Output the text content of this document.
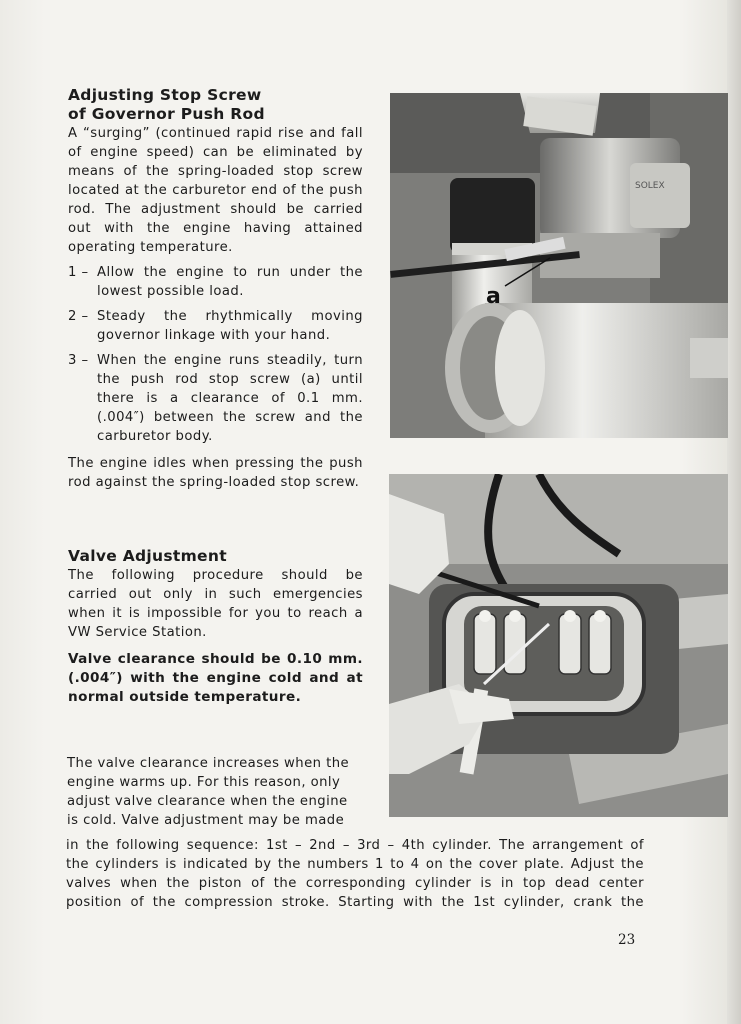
Adjusting Stop Screw
of Governor Push Rod

A “surging” (continued rapid rise and fall of engine speed) can be eliminated by means of the spring-loaded stop screw located at the carburetor end of the push rod. The adjustment should be carried out with the engine having attained operating temperature.

1 – Allow the engine to run under the lowest possible load.
2 – Steady the rhythmically moving governor linkage with your hand.
3 – When the engine runs steadily, turn the push rod stop screw (a) until there is a clearance of 0.1 mm. (.004″) between the screw and the carburetor body.

The engine idles when pressing the push rod against the spring-loaded stop screw.

Valve Adjustment

The following procedure should be carried out only in such emergencies when it is impossible for you to reach a VW Service Station.

Valve clearance should be 0.10 mm. (.004″) with the engine cold and at normal outside temperature.

The valve clearance increases when the

engine warms up. For this reason, only

adjust valve clearance when the engine

is cold. Valve adjustment may be made

in the following sequence: 1st – 2nd – 3rd – 4th cylinder. The arrangement of
the cylinders is indicated by the numbers 1 to 4 on the cover plate. Adjust the
valves when the piston of the corresponding cylinder is in top dead center
position of the compression stroke. Starting with the 1st cylinder, crank the
SOLEX
a
23
